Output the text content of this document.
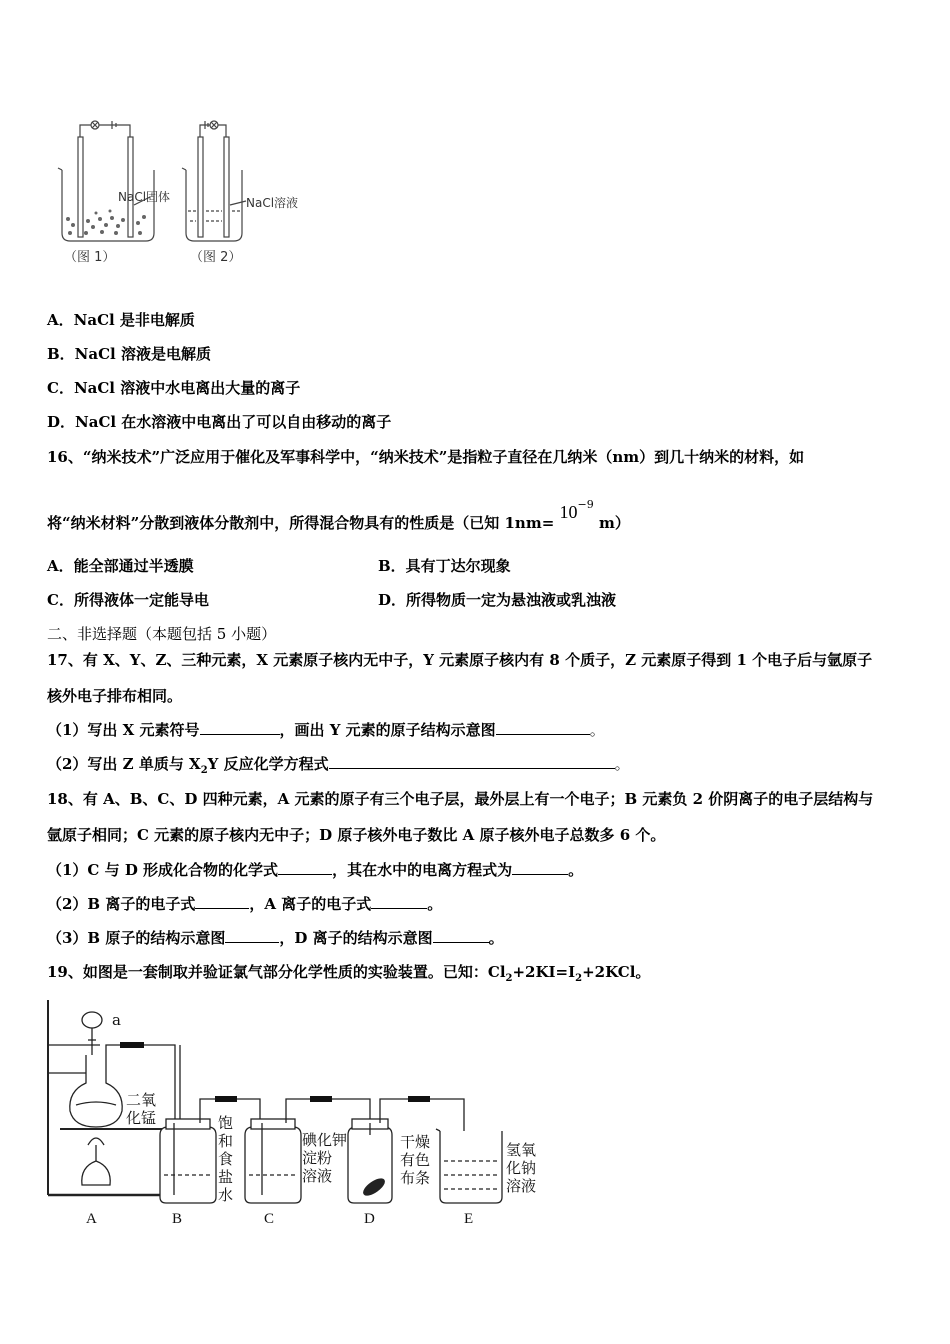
NaCl固体	NaCl溶液
（图 1）	（图 2）
A．NaCl 是非电解质
B．NaCl 溶液是电解质
C．NaCl 溶液中水电离出大量的离子
D．NaCl 在水溶液中电离出了可以自由移动的离子
16、“纳米技术”广泛应用于催化及军事科学中，“纳米技术”是指粒子直径在几纳米（nm）到几十纳米的材料，如
将“纳米材料”分散到液体分散剂中，所得混合物具有的性质是（已知 $1nm= 10^{-9}$ m）
A．能全部通过半透膜	B．具有丁达尔现象
C．所得液体一定能导电	D．所得物质一定为悬浊液或乳浊液
二、非选择题（本题包括 5 小题）
17、有 X、Y、Z、三种元素，X 元素原子核内无中子，Y 元素原子核内有 8 个质子，Z 元素原子得到 1 个电子后与氩原子
核外电子排布相同。
（1）写出 X 元素符号	，画出 Y 元素的原子结构示意图	。
（2）写出 Z 单质与 $X_2Y$ 反应化学方程式	。
18、有 A、B、C、D 四种元素，A 元素的原子有三个电子层，最外层上有一个电子；B 元素负 2 价阴离子的电子层结构与
氩原子相同；C 元素的原子核内无中子；D 原子核外电子数比 A 原子核外电子总数多 6 个。
（1）C 与 D 形成化合物的化学式	，其在水中的电离方程式为	。
（2）B 离子的电子式	，A 离子的电子式	。
（3）B 原子的结构示意图	，D 离子的结构示意图	。
19、如图是一套制取并验证氯气部分化学性质的实验装置。已知：$Cl_2+2KI=I_2+2KCl$。
a
二氧
化锰	饱
和
食
盐
水
碘化钾
淀粉
溶液
干燥
有色
布条
氢氧
化钠
溶液
A	B	C	D	E
